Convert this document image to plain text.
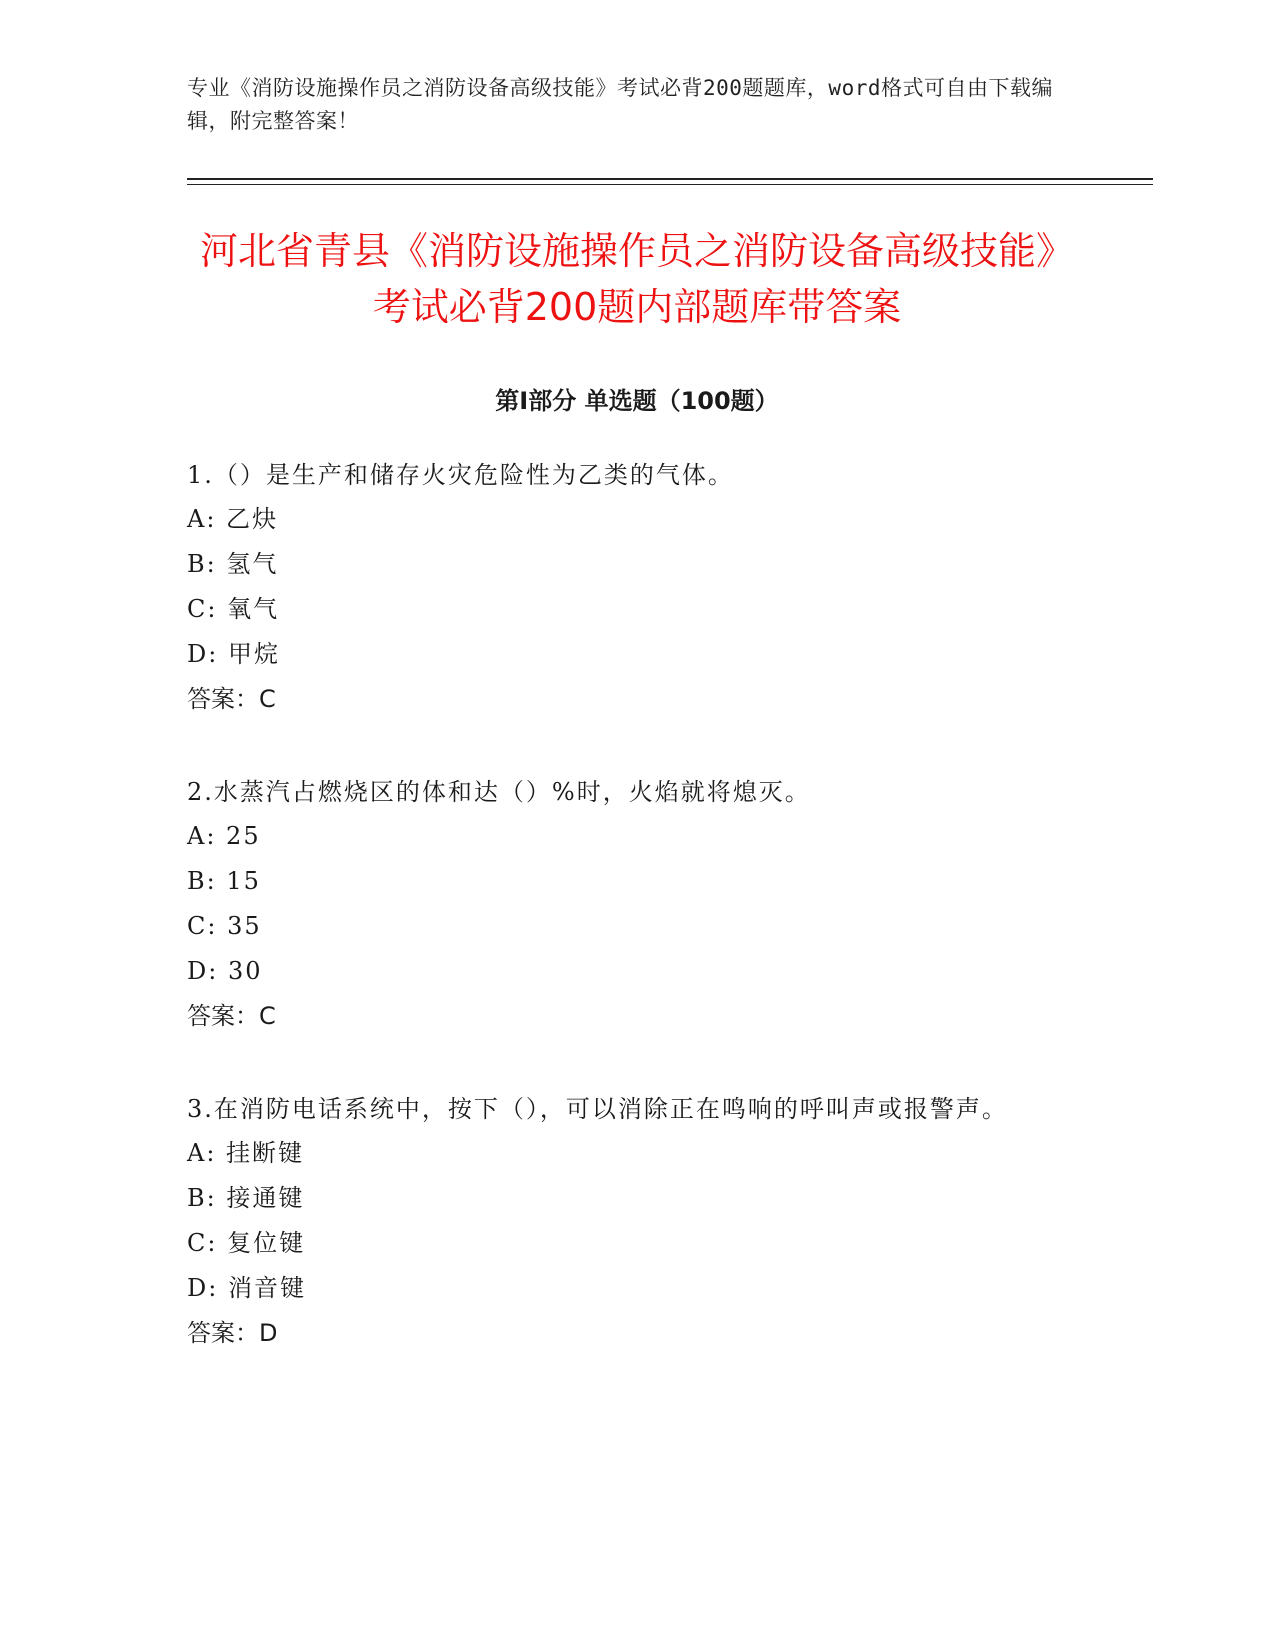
专业《消防设施操作员之消防设备高级技能》考试必背200题题库，word格式可自由下载编辑，附完整答案！
河北省青县《消防设施操作员之消防设备高级技能》考试必背200题内部题库带答案
第Ⅰ部分 单选题（100题）
1.（）是生产和储存火灾危险性为乙类的气体。
A: 乙炔
B: 氢气
C: 氧气
D: 甲烷
答案：C
2.水蒸汽占燃烧区的体和达（）%时，火焰就将熄灭。
A: 25
B: 15
C: 35
D: 30
答案：C
3.在消防电话系统中，按下（），可以消除正在鸣响的呼叫声或报警声。
A: 挂断键
B: 接通键
C: 复位键
D: 消音键
答案：D
